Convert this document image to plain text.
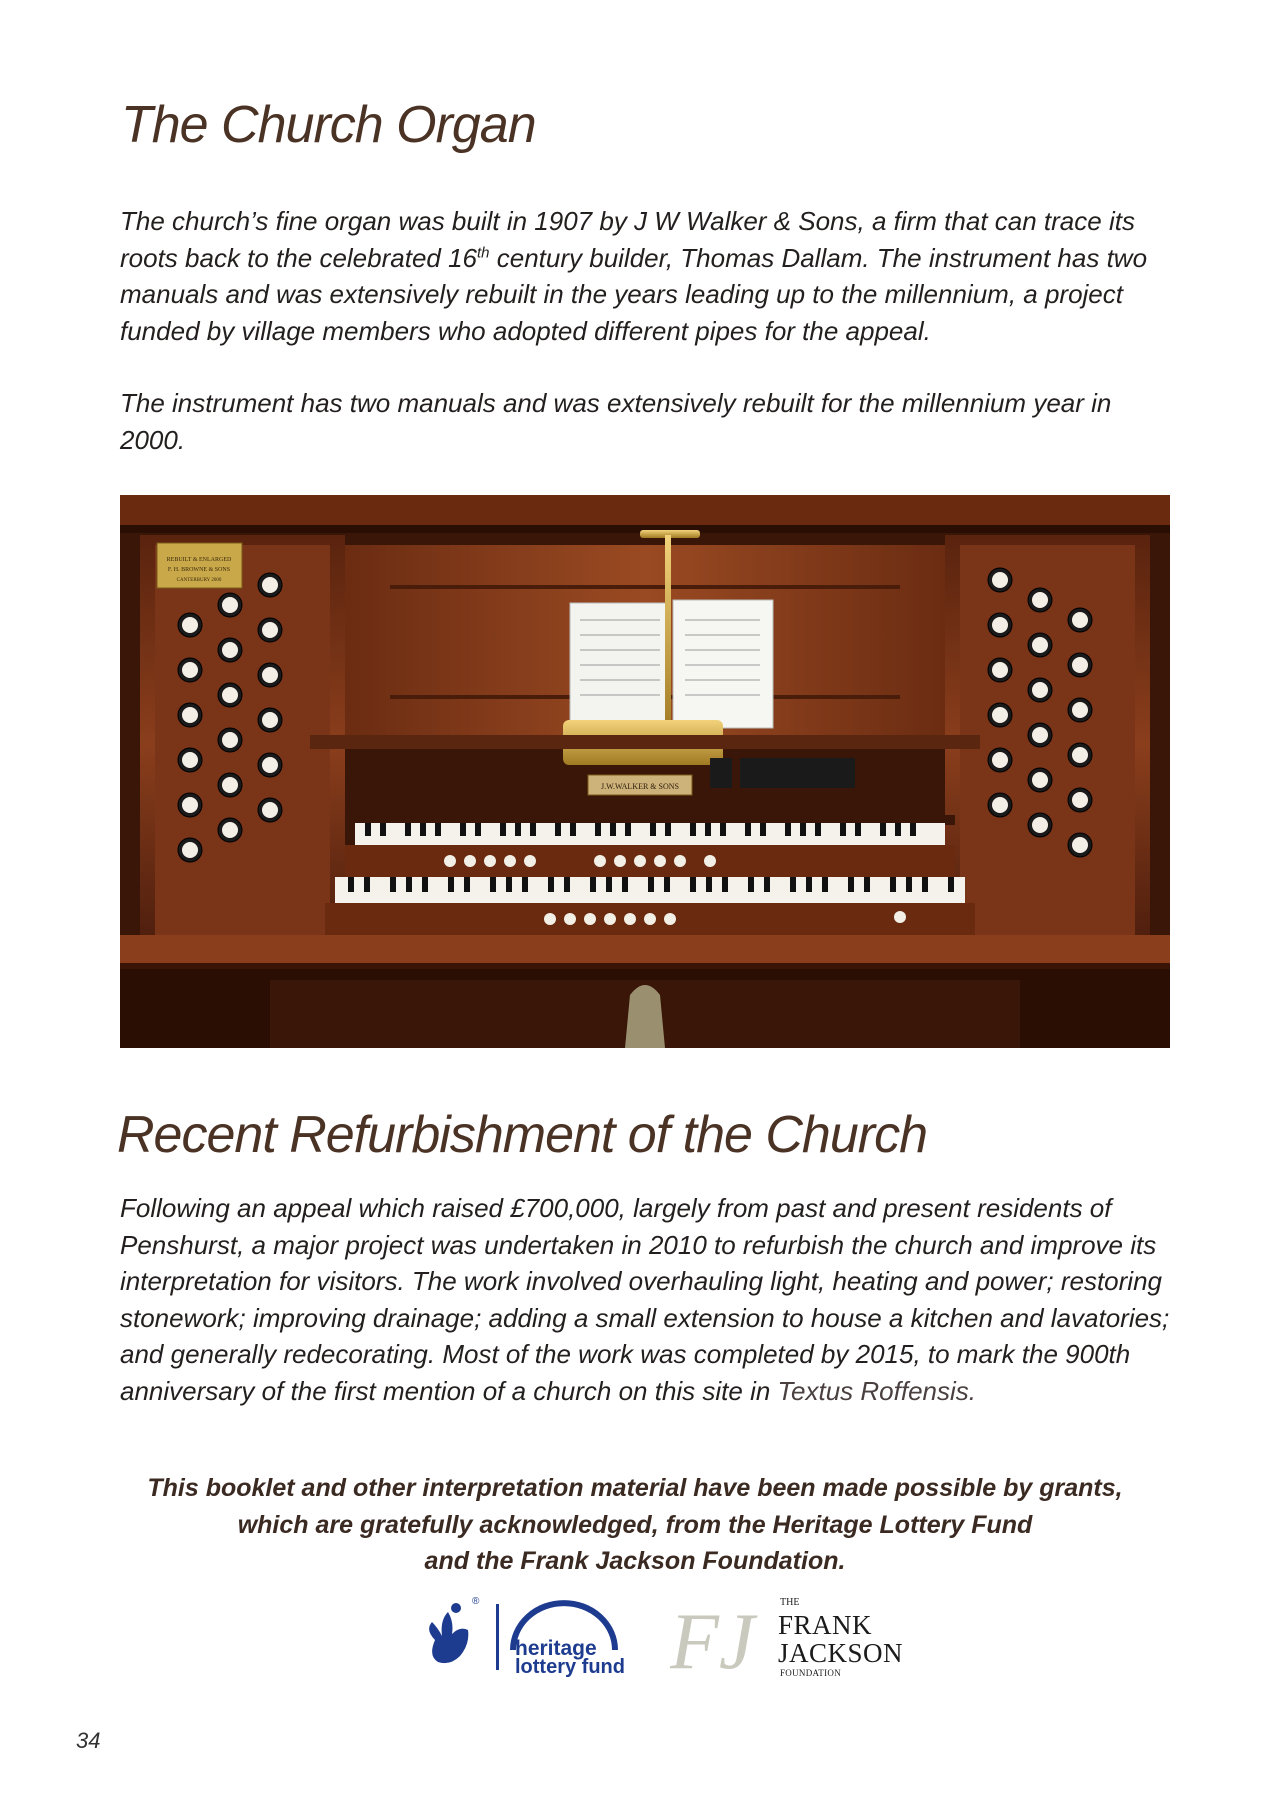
The Church Organ

The church’s fine organ was built in 1907 by J W Walker & Sons, a firm that can trace its roots back to the celebrated 16th century builder, Thomas Dallam. The instrument has two manuals and was extensively rebuilt in the years leading up to the millennium, a project funded by village members who adopted different pipes for the appeal.

The instrument has two manuals and was extensively rebuilt for the millennium year in 2000.

REBUILT & ENLARGED
F. H. BROWNE & SONS
CANTERBURY 2000
J.W.WALKER & SONS
Recent Refurbishment of the Church

Following an appeal which raised £700,000, largely from past and present residents of Penshurst, a major project was undertaken in 2010 to refurbish the church and improve its interpretation for visitors. The work involved overhauling light, heating and power; restoring stonework; improving drainage; adding a small extension to house a kitchen and lavatories; and generally redecorating. Most of the work was completed by 2015, to mark the 900th anniversary of the first mention of a church on this site in Textus Roffensis.

This booklet and other interpretation material have been made possible by grants,
which are gratefully acknowledged, from the Heritage Lottery Fund
and the Frank Jackson Foundation.

®
heritage
lottery fund FJ	THE
FRANK
JACKSON
FOUNDATION
34
